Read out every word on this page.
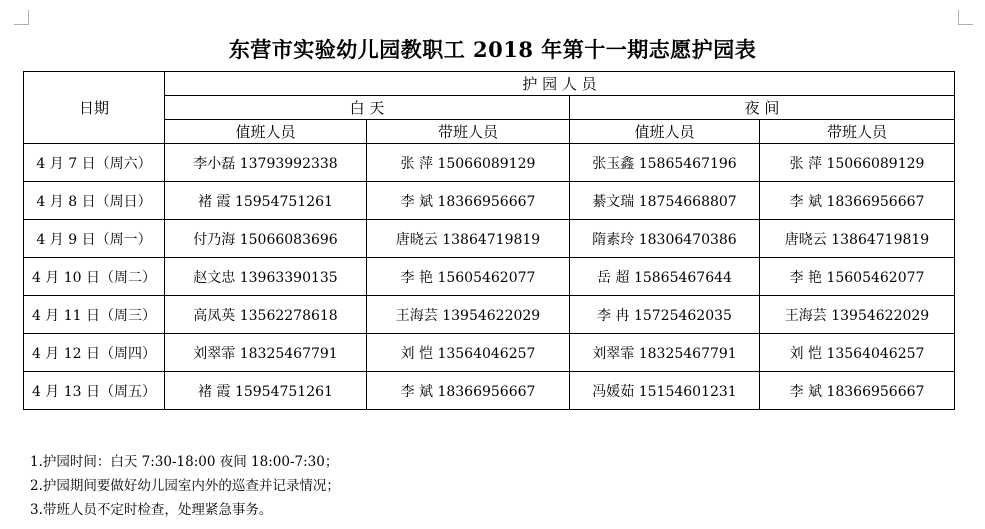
东营市实验幼儿园教职工 2018 年第十一期志愿护园表
日期	护 园 人 员			
	白 天		夜 间	
	值班人员	带班人员	值班人员	带班人员
4 月 7 日（周六）	李小磊 13793992338	张 萍 15066089129	张玉鑫 15865467196	张 萍 15066089129
4 月 8 日（周日）	褚 霞 15954751261	李 斌 18366956667	綦文瑞 18754668807	李 斌 18366956667
4 月 9 日（周一）	付乃海 15066083696	唐晓云 13864719819	隋素玲 18306470386	唐晓云 13864719819
4 月 10 日（周二）	赵文忠 13963390135	李 艳 15605462077	岳 超 15865467644	李 艳 15605462077
4 月 11 日（周三）	高凤英 13562278618	王海芸 13954622029	李 冉 15725462035	王海芸 13954622029
4 月 12 日（周四）	刘翠霏 18325467791	刘 恺 13564046257	刘翠霏 18325467791	刘 恺 13564046257
4 月 13 日（周五）	褚 霞 15954751261	李 斌 18366956667	冯媛茹 15154601231	李 斌 18366956667
1.护园时间：白天 7:30-18:00 夜间 18:00-7:30；
2.护园期间要做好幼儿园室内外的巡查并记录情况；
3.带班人员不定时检查，处理紧急事务。
